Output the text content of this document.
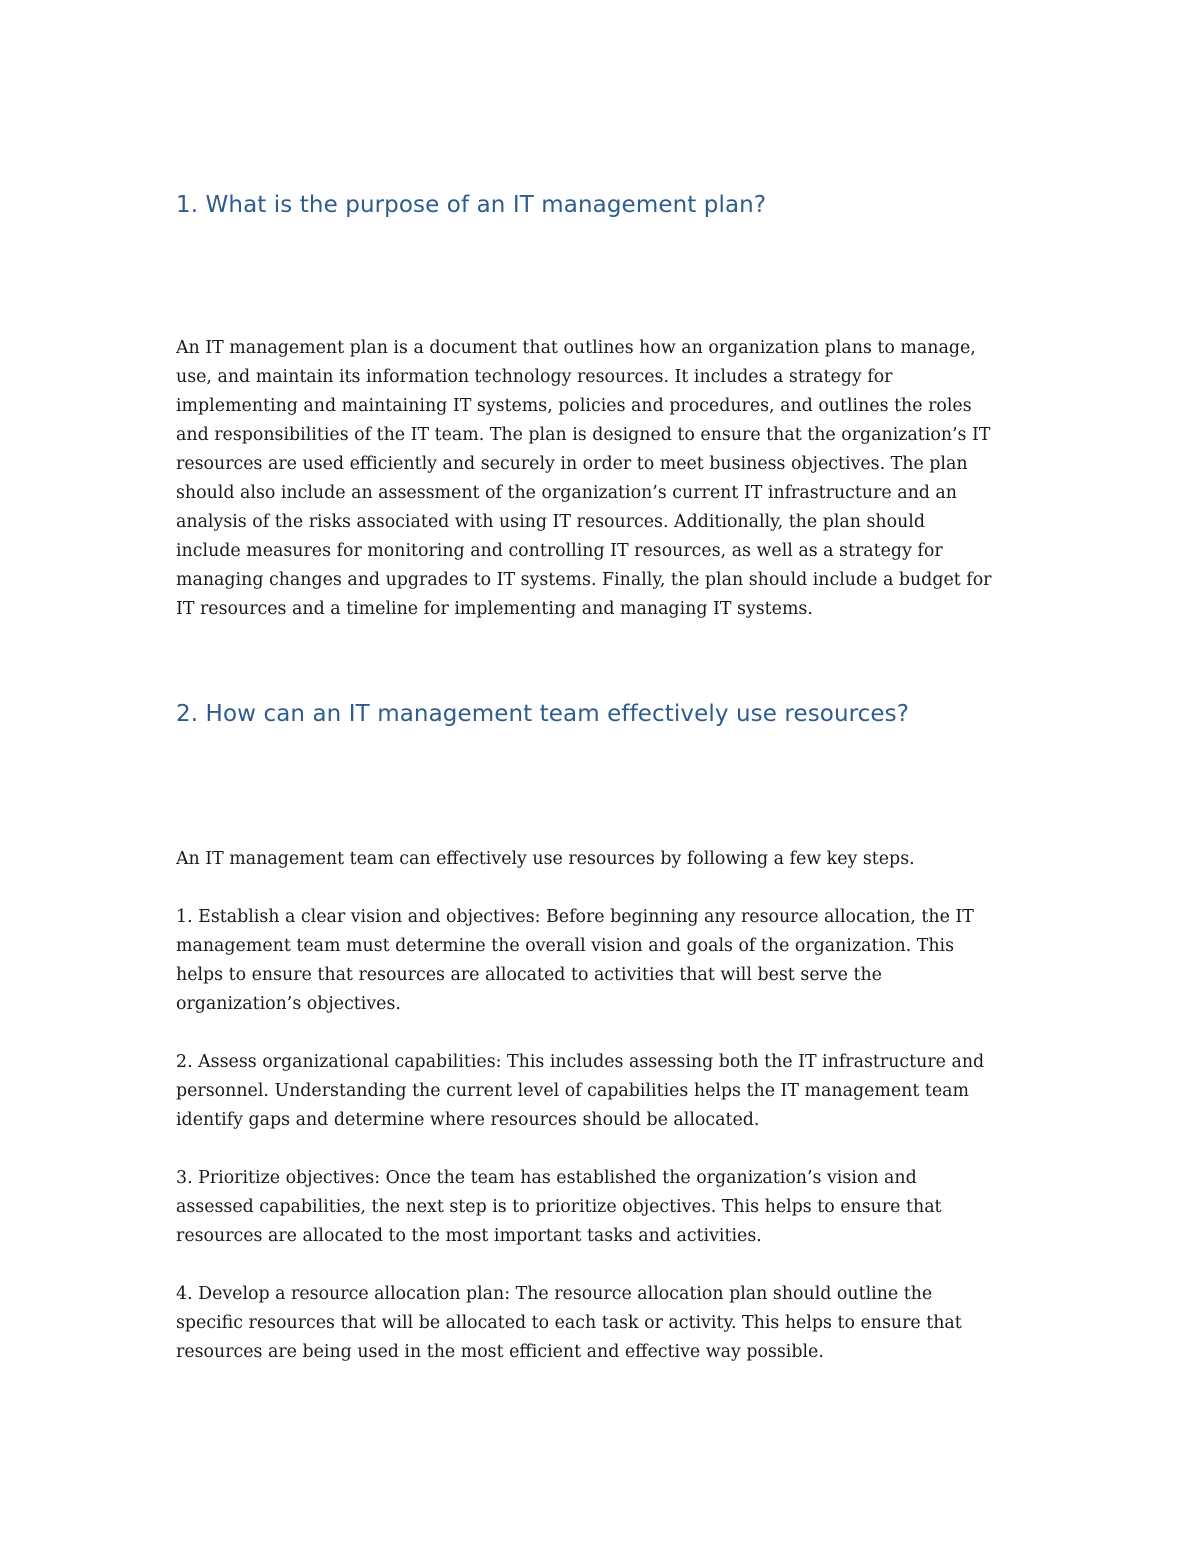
1. What is the purpose of an IT management plan?

An IT management plan is a document that outlines how an organization plans to manage,
use, and maintain its information technology resources. It includes a strategy for
implementing and maintaining IT systems, policies and procedures, and outlines the roles
and responsibilities of the IT team. The plan is designed to ensure that the organization’s IT
resources are used efficiently and securely in order to meet business objectives. The plan
should also include an assessment of the organization’s current IT infrastructure and an
analysis of the risks associated with using IT resources. Additionally, the plan should
include measures for monitoring and controlling IT resources, as well as a strategy for
managing changes and upgrades to IT systems. Finally, the plan should include a budget for
IT resources and a timeline for implementing and managing IT systems.

2. How can an IT management team effectively use resources?

An IT management team can effectively use resources by following a few key steps.

1. Establish a clear vision and objectives: Before beginning any resource allocation, the IT
management team must determine the overall vision and goals of the organization. This
helps to ensure that resources are allocated to activities that will best serve the
organization’s objectives.

2. Assess organizational capabilities: This includes assessing both the IT infrastructure and
personnel. Understanding the current level of capabilities helps the IT management team
identify gaps and determine where resources should be allocated.

3. Prioritize objectives: Once the team has established the organization’s vision and
assessed capabilities, the next step is to prioritize objectives. This helps to ensure that
resources are allocated to the most important tasks and activities.

4. Develop a resource allocation plan: The resource allocation plan should outline the
specific resources that will be allocated to each task or activity. This helps to ensure that
resources are being used in the most efficient and effective way possible.
